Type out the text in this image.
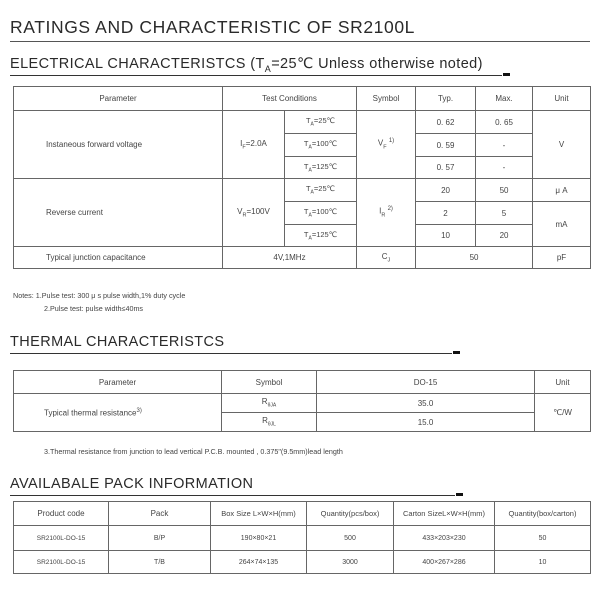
RATINGS AND CHARACTERISTIC OF SR2100L
ELECTRICAL CHARACTERISTCS ($T_A=25℃$ Unless otherwise noted)
Parameter	Test Conditions		Symbol	Typ.	Max.	Unit
Instaneous forward voltage	$I_F=2.0A$	$T_A=25℃$	$V_F$ $^{1)}$	0. 62	0. 65	V
		$T_A=100℃$		0. 59	-	
		$T_A=125℃$		0. 57	-	
Reverse current	$V_R=100V$	$T_A=25℃$	$I_R$ $^{2)}$	20	50	μ A
		$T_A=100℃$		2	5	mA
		$T_A=125℃$		10	20	
Typical junction capacitance	4V,1MHz		$C_J$	50		pF
Notes: 1.Pulse test: 300 μ s pulse width,1% duty cycle
2.Pulse test: pulse width≤40ms
THERMAL CHARACTERISTCS
Parameter	Symbol	DO-15	Unit
Typical thermal resistance$^{3)}$	$R_{\theta JA}$	35.0	℃/W
	$R_{\theta JL}$	15.0	
3.Thermal resistance from junction to lead vertical P.C.B. mounted , 0.375"(9.5mm)lead length
AVAILABALE PACK INFORMATION
Product code	Pack	Box Size L×W×H(mm)	Quantity(pcs/box)	Carton SizeL×W×H(mm)	Quantity(box/carton)
SR2100L-DO-15	B/P	190×80×21	500	433×203×230	50
SR2100L-DO-15	T/B	264×74×135	3000	400×267×286	10
